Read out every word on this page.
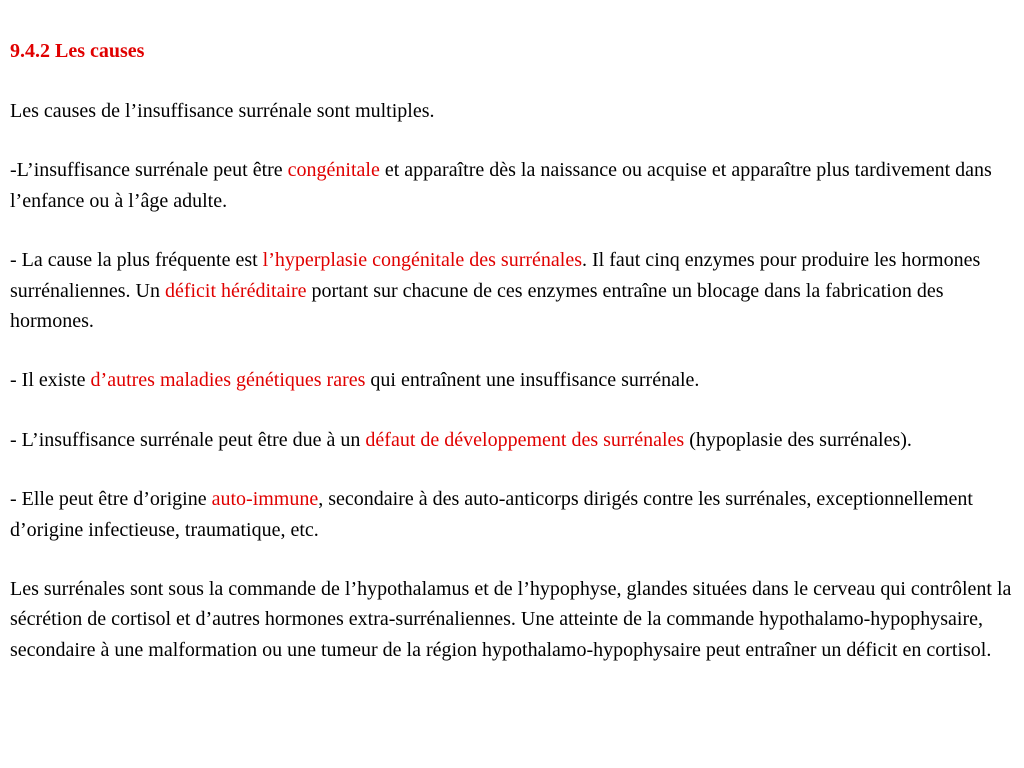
9.4.2 Les causes

Les causes de l’insuffisance surrénale sont multiples.

-L’insuffisance surrénale peut être congénitale et apparaître dès la naissance ou acquise et apparaître plus tardivement dans l’enfance ou à l’âge adulte.

- La cause la plus fréquente est l’hyperplasie congénitale des surrénales. Il faut cinq enzymes pour produire les hormones surrénaliennes. Un déficit héréditaire portant sur chacune de ces enzymes entraîne un blocage dans la fabrication des hormones.

- Il existe d’autres maladies génétiques rares qui entraînent une insuffisance surrénale.

- L’insuffisance surrénale peut être due à un défaut de développement des surrénales (hypoplasie des surrénales).

- Elle peut être d’origine auto-immune, secondaire à des auto-anticorps dirigés contre les surrénales, exceptionnellement d’origine infectieuse, traumatique, etc.

Les surrénales sont sous la commande de l’hypothalamus et de l’hypophyse, glandes situées dans le cerveau qui contrôlent la sécrétion de cortisol et d’autres hormones extra-surrénaliennes. Une atteinte de la commande hypothalamo-hypophysaire, secondaire à une malformation ou une tumeur de la région hypothalamo-hypophysaire peut entraîner un déficit en cortisol.
